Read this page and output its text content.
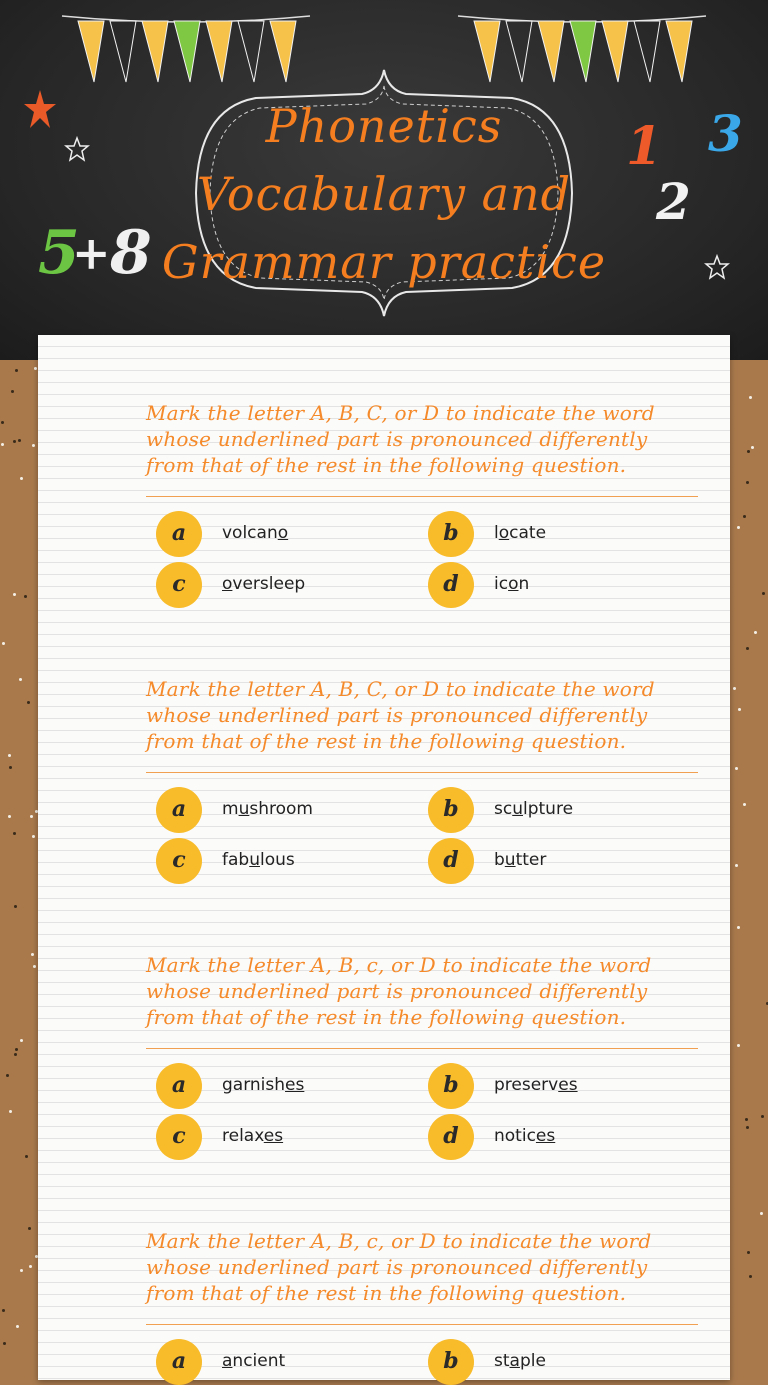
Phonetics
Vocabulary and
Grammar practice
1
2
3
5
+ 8
Mark the letter A, B, C, or D to indicate the word whose underlined part is pronounced differently from that of the rest in the following question.
a	volcano	b	locate
c	oversleep	d	icon
Mark the letter A, B, C, or D to indicate the word whose underlined part is pronounced differently from that of the rest in the following question.
a	mushroom	b	sculpture
c	fabulous	d	butter
Mark the letter A, B, c, or D to indicate the word whose underlined part is pronounced differently from that of the rest in the following question.
a	garnishes	b	preserves
c	relaxes	d	notices
Mark the letter A, B, c, or D to indicate the word whose underlined part is pronounced differently from that of the rest in the following question.
a	ancient	b	staple
